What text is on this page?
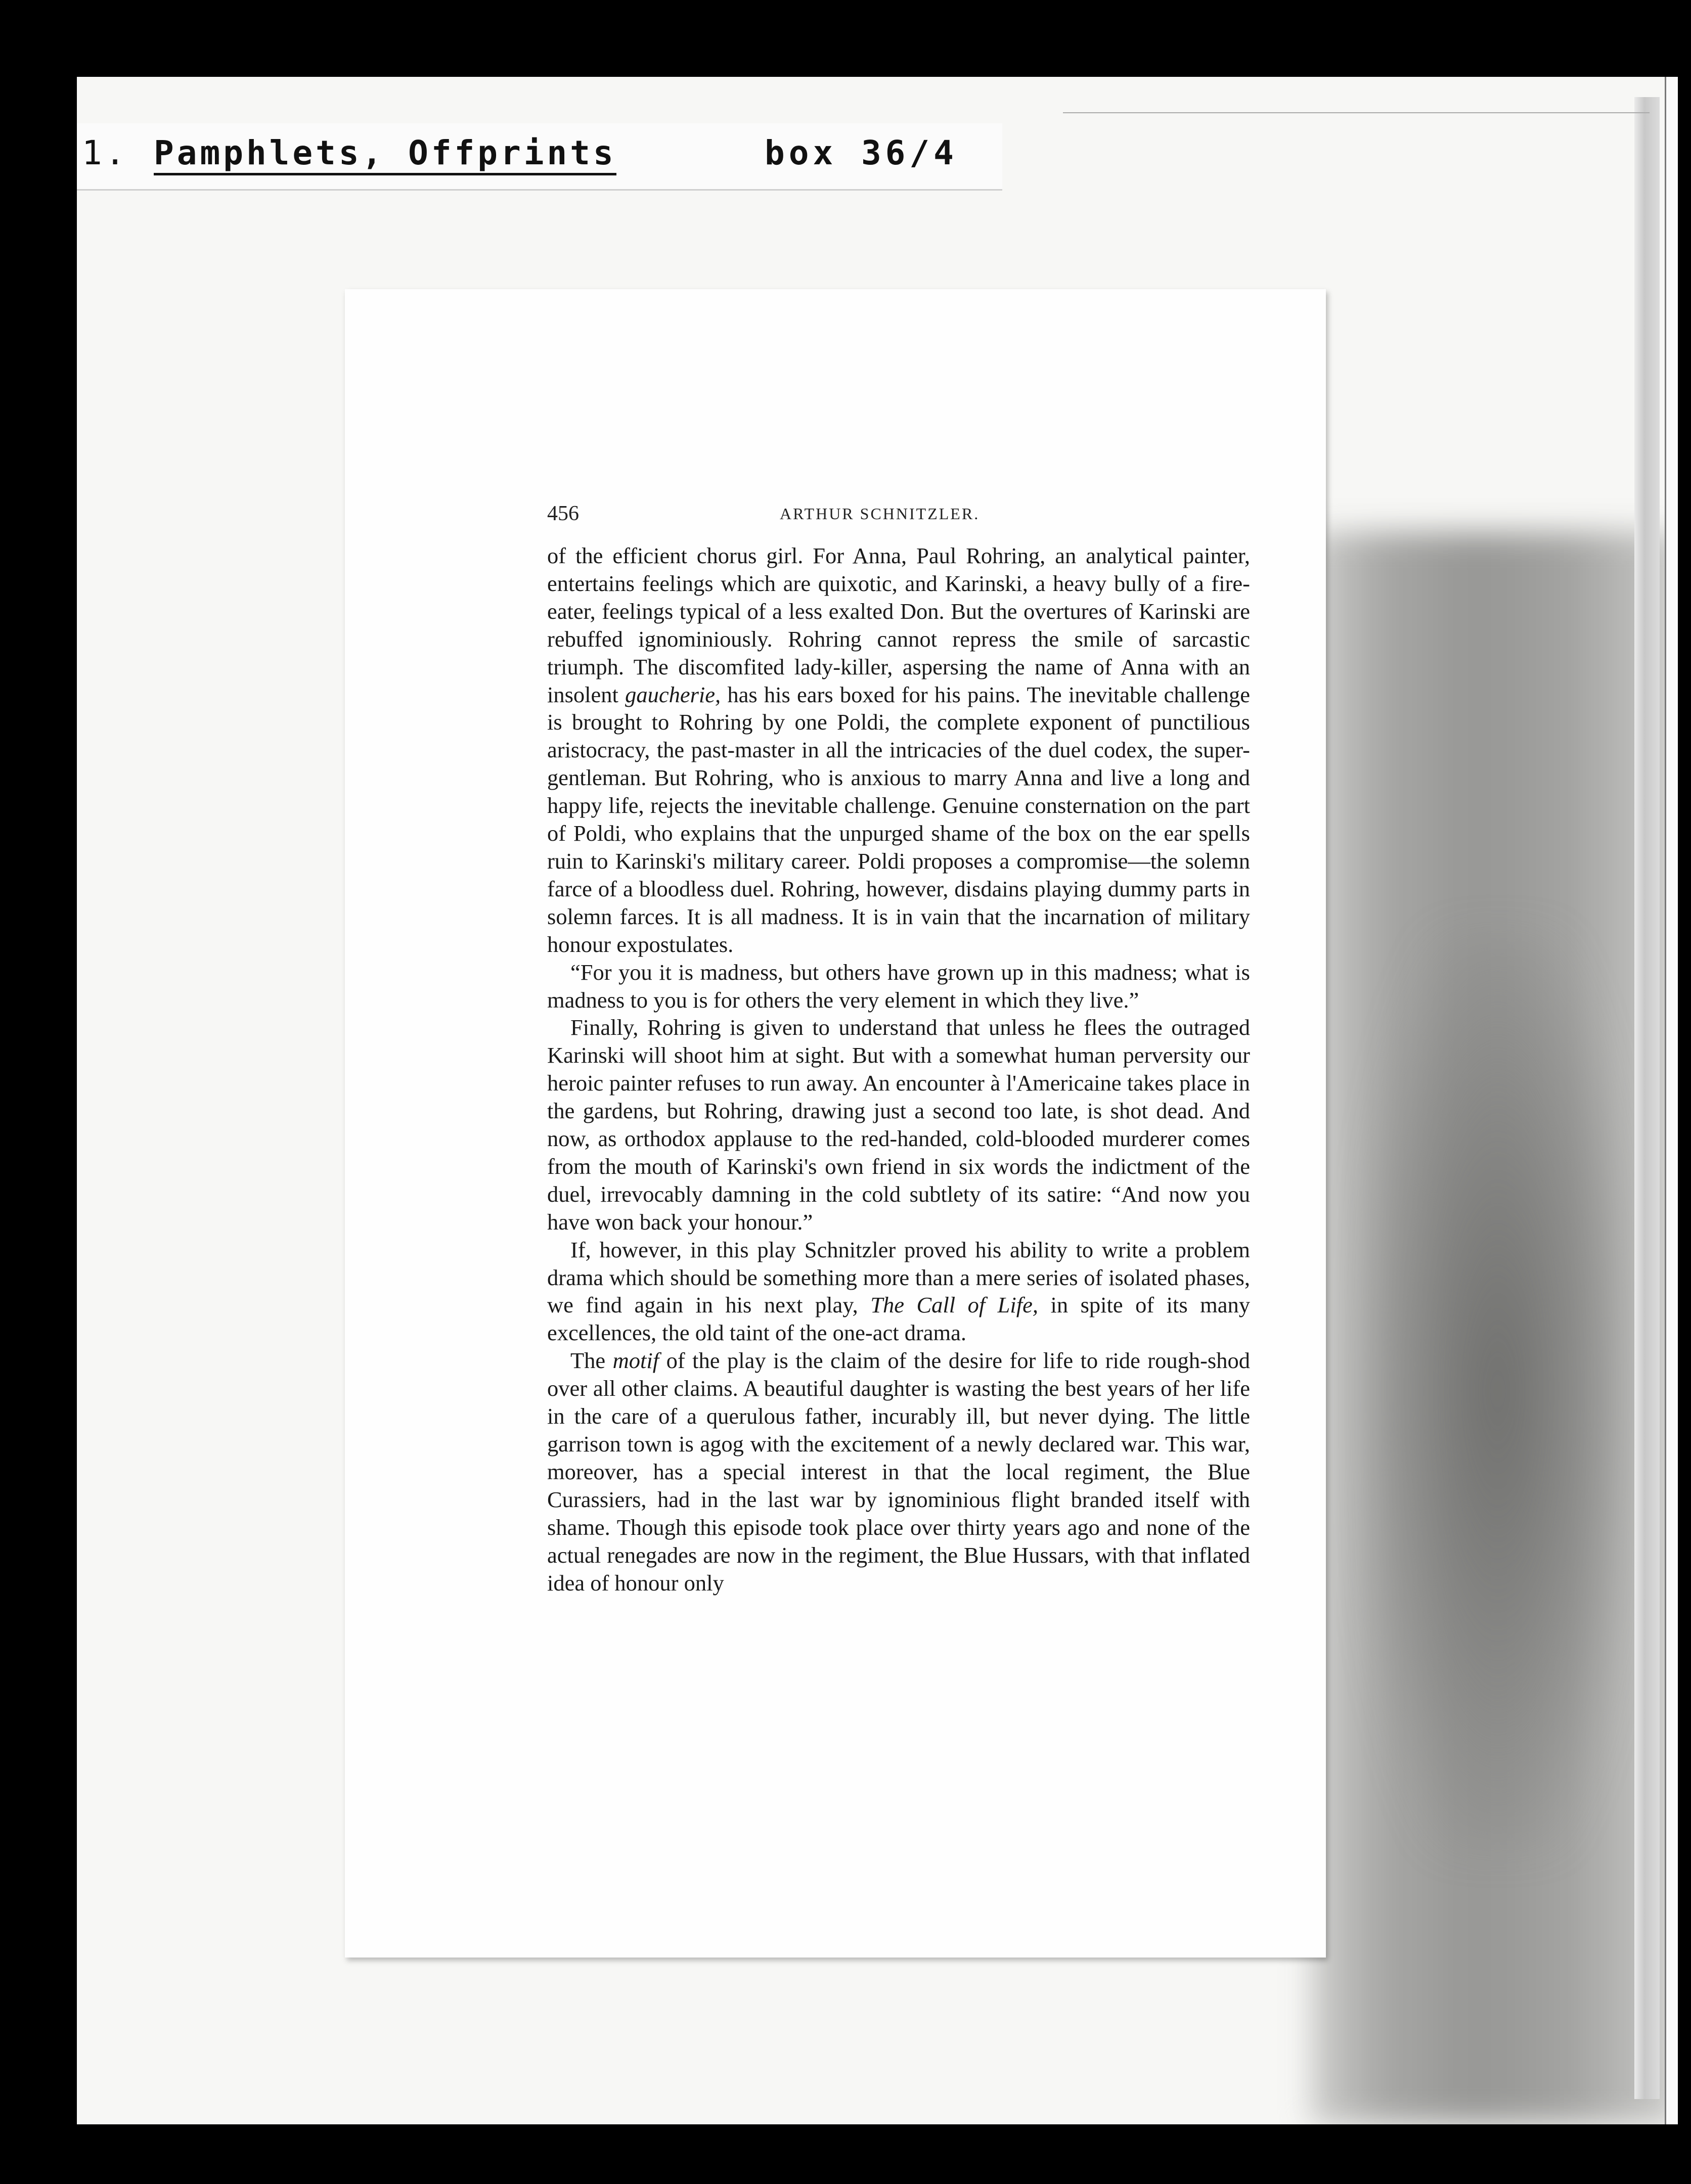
1. Pamphlets, Offprints	box 36/4
456	ARTHUR SCHNITZLER.

of the efficient chorus girl. For Anna, Paul Rohring, an analytical painter, entertains feelings which are quixotic, and Karinski, a heavy bully of a fire-eater, feelings typical of a less exalted Don. But the overtures of Karinski are rebuffed ignominiously. Rohring cannot repress the smile of sarcastic triumph. The discomfited lady-killer, aspersing the name of Anna with an insolent gaucherie, has his ears boxed for his pains. The inevitable challenge is brought to Rohring by one Poldi, the complete exponent of punctilious aristocracy, the past-master in all the intricacies of the duel codex, the super-gentleman. But Rohring, who is anxious to marry Anna and live a long and happy life, rejects the inevitable challenge. Genuine consternation on the part of Poldi, who explains that the unpurged shame of the box on the ear spells ruin to Karinski's military career. Poldi proposes a compromise—the solemn farce of a bloodless duel. Rohring, however, disdains playing dummy parts in solemn farces. It is all madness. It is in vain that the incarnation of military honour expostulates.

“For you it is madness, but others have grown up in this madness; what is madness to you is for others the very element in which they live.”

Finally, Rohring is given to understand that unless he flees the outraged Karinski will shoot him at sight. But with a somewhat human perversity our heroic painter refuses to run away. An encounter à l'Americaine takes place in the gardens, but Rohring, drawing just a second too late, is shot dead. And now, as orthodox applause to the red-handed, cold-blooded murderer comes from the mouth of Karinski's own friend in six words the indictment of the duel, irrevocably damning in the cold subtlety of its satire: “And now you have won back your honour.”

If, however, in this play Schnitzler proved his ability to write a problem drama which should be something more than a mere series of isolated phases, we find again in his next play, The Call of Life, in spite of its many excellences, the old taint of the one-act drama.

The motif of the play is the claim of the desire for life to ride rough-shod over all other claims. A beautiful daughter is wasting the best years of her life in the care of a querulous father, incurably ill, but never dying. The little garrison town is agog with the excitement of a newly declared war. This war, moreover, has a special interest in that the local regiment, the Blue Curassiers, had in the last war by ignominious flight branded itself with shame. Though this episode took place over thirty years ago and none of the actual renegades are now in the regiment, the Blue Hussars, with that inflated idea of honour only
